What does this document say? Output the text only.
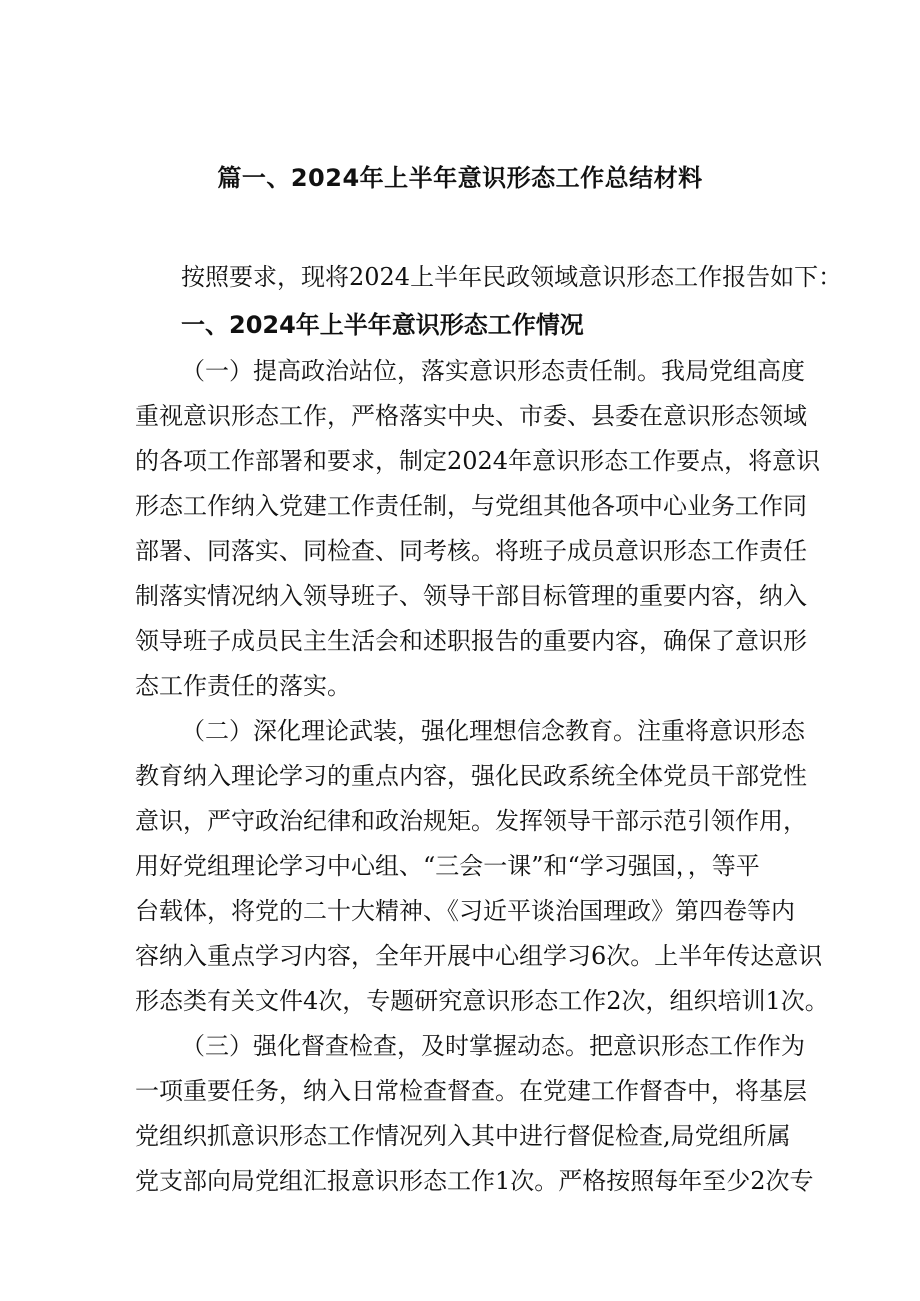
篇一、2024年上半年意识形态工作总结材料

按照要求，现将2024上半年民政领域意识形态工作报告如下：

一、2024年上半年意识形态工作情况

（一）提高政治站位，落实意识形态责任制。我局党组高度

重视意识形态工作，严格落实中央、市委、县委在意识形态领域

的各项工作部署和要求，制定2024年意识形态工作要点，将意识

形态工作纳入党建工作责任制，与党组其他各项中心业务工作同

部署、同落实、同检查、同考核。将班子成员意识形态工作责任

制落实情况纳入领导班子、领导干部目标管理的重要内容，纳入

领导班子成员民主生活会和述职报告的重要内容，确保了意识形

态工作责任的落实。

（二）深化理论武装，强化理想信念教育。注重将意识形态

教育纳入理论学习的重点内容，强化民政系统全体党员干部党性

意识，严守政治纪律和政治规矩。发挥领导干部示范引领作用，

用好党组理论学习中心组、“三会一课”和“学习强国，，等平

台载体，将党的二十大精神、《习近平谈治国理政》第四卷等内

容纳入重点学习内容，全年开展中心组学习6次。上半年传达意识

形态类有关文件4次，专题研究意识形态工作2次，组织培训1次。

（三）强化督查检查，及时掌握动态。把意识形态工作作为

一项重要任务，纳入日常检查督查。在党建工作督杳中，将基层

党组织抓意识形态工作情况列入其中进行督促检查,局党组所属

党支部向局党组汇报意识形态工作1次。严格按照每年至少2次专
